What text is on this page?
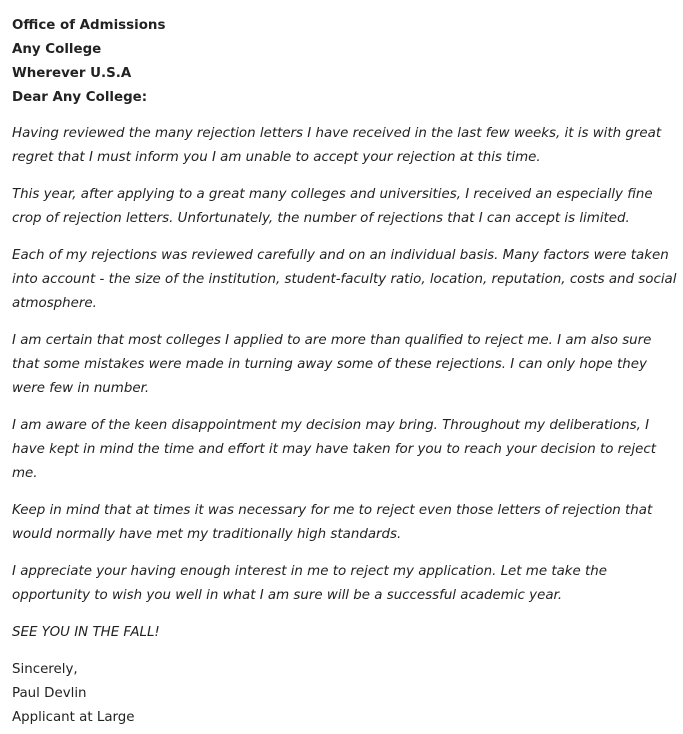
Office of Admissions
Any College
Wherever U.S.A
Dear Any College:

Having reviewed the many rejection letters I have received in the last few weeks, it is with great regret that I must inform you I am unable to accept your rejection at this time.

This year, after applying to a great many colleges and universities, I received an especially fine crop of rejection letters. Unfortunately, the number of rejections that I can accept is limited.

Each of my rejections was reviewed carefully and on an individual basis. Many factors were taken into account - the size of the institution, student-faculty ratio, location, reputation, costs and social atmosphere.

I am certain that most colleges I applied to are more than qualified to reject me. I am also sure that some mistakes were made in turning away some of these rejections. I can only hope they were few in number.

I am aware of the keen disappointment my decision may bring. Throughout my deliberations, I have kept in mind the time and effort it may have taken for you to reach your decision to reject me.

Keep in mind that at times it was necessary for me to reject even those letters of rejection that would normally have met my traditionally high standards.

I appreciate your having enough interest in me to reject my application. Let me take the opportunity to wish you well in what I am sure will be a successful academic year.

SEE YOU IN THE FALL!

Sincerely,
Paul Devlin
Applicant at Large
